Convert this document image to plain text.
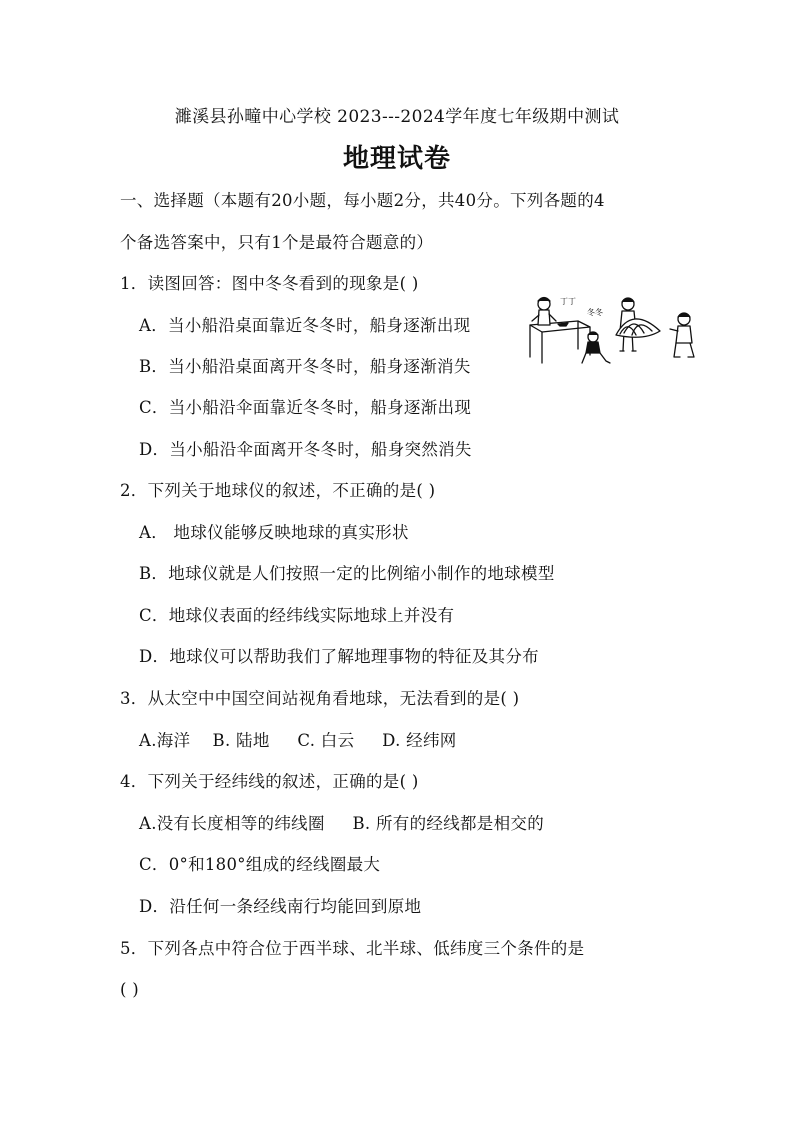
濉溪县孙疃中心学校 2023---2024学年度七年级期中测试
地理试卷
一、选择题（本题有20小题，每小题2分，共40分。下列各题的4
个备选答案中，只有1个是最符合题意的）
1．读图回答：图中冬冬看到的现象是( )
A．当小船沿桌面靠近冬冬时，船身逐渐出现
B．当小船沿桌面离开冬冬时，船身逐渐消失
C．当小船沿伞面靠近冬冬时，船身逐渐出现
D．当小船沿伞面离开冬冬时，船身突然消失
丁丁
冬冬
2．下列关于地球仪的叙述，不正确的是( )
A． 地球仪能够反映地球的真实形状
B．地球仪就是人们按照一定的比例缩小制作的地球模型
C．地球仪表面的经纬线实际地球上并没有
D．地球仪可以帮助我们了解地理事物的特征及其分布
3．从太空中中国空间站视角看地球，无法看到的是( )
A.海洋    B. 陆地     C. 白云     D. 经纬网
4．下列关于经纬线的叙述，正确的是( )
A.没有长度相等的纬线圈     B. 所有的经线都是相交的
C．0°和180°组成的经线圈最大
D．沿任何一条经线南行均能回到原地
5．下列各点中符合位于西半球、北半球、低纬度三个条件的是
( )
